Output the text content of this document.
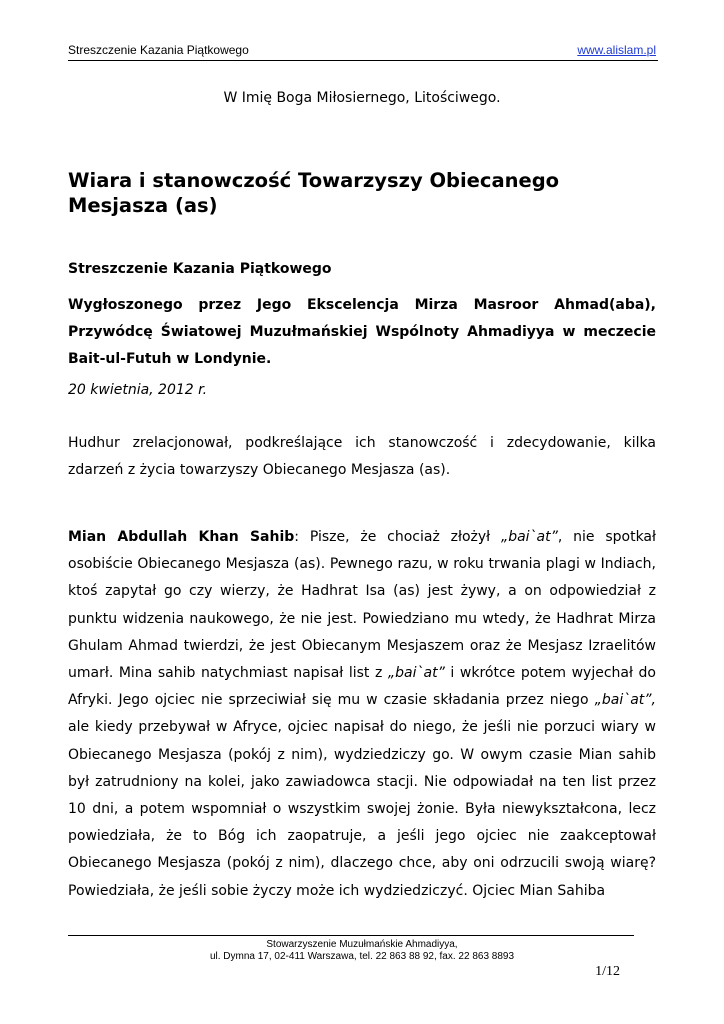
Streszczenie Kazania Piątkowego	www.alislam.pl
W Imię Boga Miłosiernego, Litościwego.
Wiara i stanowczość Towarzyszy Obiecanego Mesjasza (as)
Streszczenie Kazania Piątkowego
Wygłoszonego przez Jego Ekscelencja Mirza Masroor Ahmad(aba), Przywódcę Światowej Muzułmańskiej Wspólnoty Ahmadiyya w meczecie Bait-ul-Futuh w Londynie.
20 kwietnia, 2012 r.
Hudhur zrelacjonował, podkreślające ich stanowczość i zdecydowanie, kilka zdarzeń z życia towarzyszy Obiecanego Mesjasza (as).
Mian Abdullah Khan Sahib: Pisze, że chociaż złożył „bai`at”, nie spotkał osobiście Obiecanego Mesjasza (as). Pewnego razu, w roku trwania plagi w Indiach, ktoś zapytał go czy wierzy, że Hadhrat Isa (as) jest żywy, a on odpowiedział z punktu widzenia naukowego, że nie jest. Powiedziano mu wtedy, że Hadhrat Mirza Ghulam Ahmad twierdzi, że jest Obiecanym Mesjaszem oraz że Mesjasz Izraelitów umarł. Mina sahib natychmiast napisał list z „bai`at” i wkrótce potem wyjechał do Afryki. Jego ojciec nie sprzeciwiał się mu w czasie składania przez niego „bai`at”, ale kiedy przebywał w Afryce, ojciec napisał do niego, że jeśli nie porzuci wiary w Obiecanego Mesjasza (pokój z nim), wydziedziczy go. W owym czasie Mian sahib był zatrudniony na kolei, jako zawiadowca stacji. Nie odpowiadał na ten list przez 10 dni, a potem wspomniał o wszystkim swojej żonie. Była niewykształcona, lecz powiedziała, że to Bóg ich zaopatruje, a jeśli jego ojciec nie zaakceptował Obiecanego Mesjasza (pokój z nim), dlaczego chce, aby oni odrzucili swoją wiarę? Powiedziała, że jeśli sobie życzy może ich wydziedziczyć. Ojciec Mian Sahiba
Stowarzyszenie Muzułmańskie Ahmadiyya,
ul. Dymna 17, 02-411 Warszawa, tel. 22 863 88 92, fax. 22 863 8893
1/12
